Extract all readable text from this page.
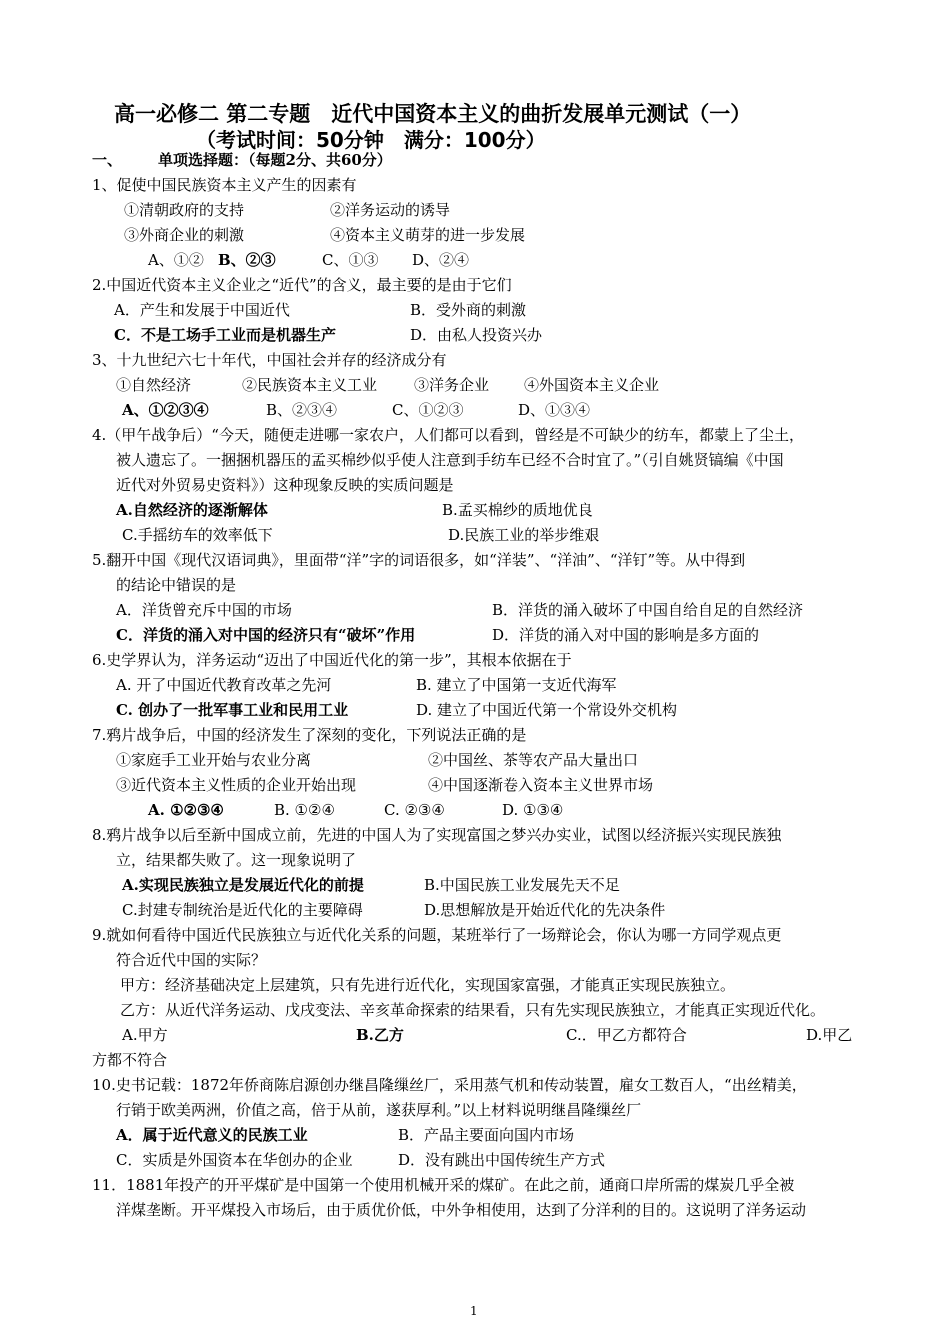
高一必修二 第二专题　近代中国资本主义的曲折发展单元测试（一）
（考试时间：50分钟　满分：100分）
一、 单项选择题：（每题2分、共60分）
1、促使中国民族资本主义产生的因素有
①清朝政府的支持	②洋务运动的诱导
③外商企业的刺激	④资本主义萌芽的进一步发展
A、①② B、②③	C、①③ D、②④
2.中国近代资本主义企业之“近代”的含义，最主要的是由于它们
A．产生和发展于中国近代	B．受外商的刺激
C．不是工场手工业而是机器生产	D．由私人投资兴办
3、十九世纪六七十年代，中国社会并存的经济成分有
①自然经济	②民族资本主义工业 ③洋务企业 ④外国资本主义企业
A、①②③④	B、②③④	C、①②③	D、①③④
4.（甲午战争后）“今天，随便走进哪一家农户，人们都可以看到，曾经是不可缺少的纺车，都蒙上了尘土，
被人遗忘了。一捆捆机器压的孟买棉纱似乎使人注意到手纺车已经不合时宜了。”（引自姚贤镐编《中国
近代对外贸易史资料》）这种现象反映的实质问题是
A.自然经济的逐渐解体	B.孟买棉纱的质地优良
C.手摇纺车的效率低下	D.民族工业的举步维艰
5.翻开中国《现代汉语词典》，里面带“洋”字的词语很多，如“洋装”、“洋油”、“洋钉”等。从中得到
的结论中错误的是
A．洋货曾充斥中国的市场	B．洋货的涌入破坏了中国自给自足的自然经济
C．洋货的涌入对中国的经济只有“破坏”作用	D．洋货的涌入对中国的影响是多方面的
6.史学界认为，洋务运动“迈出了中国近代化的第一步”，其根本依据在于
A. 开了中国近代教育改革之先河	B. 建立了中国第一支近代海军
C. 创办了一批军事工业和民用工业	D. 建立了中国近代第一个常设外交机构
7.鸦片战争后，中国的经济发生了深刻的变化，下列说法正确的是
①家庭手工业开始与农业分离	②中国丝、茶等农产品大量出口
③近代资本主义性质的企业开始出现	④中国逐渐卷入资本主义世界市场
A. ①②③④	B. ①②④	C. ②③④	D. ①③④
8.鸦片战争以后至新中国成立前，先进的中国人为了实现富国之梦兴办实业，试图以经济振兴实现民族独
立，结果都失败了。这一现象说明了
A.实现民族独立是发展近代化的前提	B.中国民族工业发展先天不足
C.封建专制统治是近代化的主要障碍	D.思想解放是开始近代化的先决条件
9.就如何看待中国近代民族独立与近代化关系的问题，某班举行了一场辩论会，你认为哪一方同学观点更
符合近代中国的实际？
甲方：经济基础决定上层建筑，只有先进行近代化，实现国家富强，才能真正实现民族独立。
乙方：从近代洋务运动、戊戌变法、辛亥革命探索的结果看，只有先实现民族独立，才能真正实现近代化。
A.甲方	B.乙方	C.．甲乙方都符合	D.甲乙
方都不符合
10.史书记载：1872年侨商陈启源创办继昌隆缫丝厂，采用蒸气机和传动装置，雇女工数百人，“出丝精美，
行销于欧美两洲，价值之高，倍于从前，遂获厚利。”以上材料说明继昌隆缫丝厂
A．属于近代意义的民族工业	B．产品主要面向国内市场
C．实质是外国资本在华创办的企业	D．没有跳出中国传统生产方式
11．1881年投产的开平煤矿是中国第一个使用机械开采的煤矿。在此之前，通商口岸所需的煤炭几乎全被
洋煤垄断。开平煤投入市场后，由于质优价低，中外争相使用，达到了分洋利的目的。这说明了洋务运动
1
